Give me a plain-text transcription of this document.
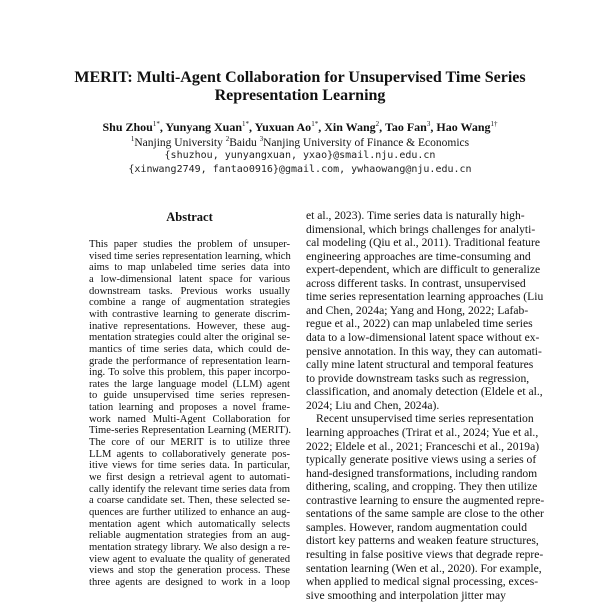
MERIT: Multi-Agent Collaboration for Unsupervised Time Series
Representation Learning
Shu Zhou$^{1*}$, Yunyang Xuan$^{1*}$, Yuxuan $Ao^{1*}$, Xin Wang$^2$, Tao Fan$^3$, Hao Wang$^{1\dagger}$
$^1$Nanjing University $^2$Baidu $^3$Nanjing University of Finance & Economics
{shuzhou, yunyangxuan, yxao}@smail.nju.edu.cn
{xinwang2749, fantao0916}@gmail.com, ywhaowang@nju.edu.cn
Abstract
This paper studies the problem of unsuper-
vised time series representation learning, which
aims to map unlabeled time series data into
a low-dimensional latent space for various
downstream tasks. Previous works usually
combine a range of augmentation strategies
with contrastive learning to generate discrim-
inative representations. However, these aug-
mentation strategies could alter the original se-
mantics of time series data, which could de-
grade the performance of representation learn-
ing. To solve this problem, this paper incorpo-
rates the large language model (LLM) agent
to guide unsupervised time series represen-
tation learning and proposes a novel frame-
work named Multi-Agent Collaboration for
Time-series Representation Learning (MERIT).
The core of our MERIT is to utilize three
LLM agents to collaboratively generate pos-
itive views for time series data. In particular,
we first design a retrieval agent to automati-
cally identify the relevant time series data from
a coarse candidate set. Then, these selected se-
quences are further utilized to enhance an aug-
mentation agent which automatically selects
reliable augmentation strategies from an aug-
mentation strategy library. We also design a re-
view agent to evaluate the quality of generated
views and stop the generation process. These
three agents are designed to work in a loop
et al., 2023). Time series data is naturally high-
dimensional, which brings challenges for analyti-
cal modeling (Qiu et al., 2011). Traditional feature
engineering approaches are time-consuming and
expert-dependent, which are difficult to generalize
across different tasks. In contrast, unsupervised
time series representation learning approaches (Liu
and Chen, 2024a; Yang and Hong, 2022; Lafab-
regue et al., 2022) can map unlabeled time series
data to a low-dimensional latent space without ex-
pensive annotation. In this way, they can automati-
cally mine latent structural and temporal features
to provide downstream tasks such as regression,
classification, and anomaly detection (Eldele et al.,
2024; Liu and Chen, 2024a).
Recent unsupervised time series representation
learning approaches (Trirat et al., 2024; Yue et al.,
2022; Eldele et al., 2021; Franceschi et al., 2019a)
typically generate positive views using a series of
hand-designed transformations, including random
dithering, scaling, and cropping. They then utilize
contrastive learning to ensure the augmented repre-
sentations of the same sample are close to the other
samples. However, random augmentation could
distort key patterns and weaken feature structures,
resulting in false positive views that degrade repre-
sentation learning (Wen et al., 2020). For example,
when applied to medical signal processing, exces-
sive smoothing and interpolation jitter may
